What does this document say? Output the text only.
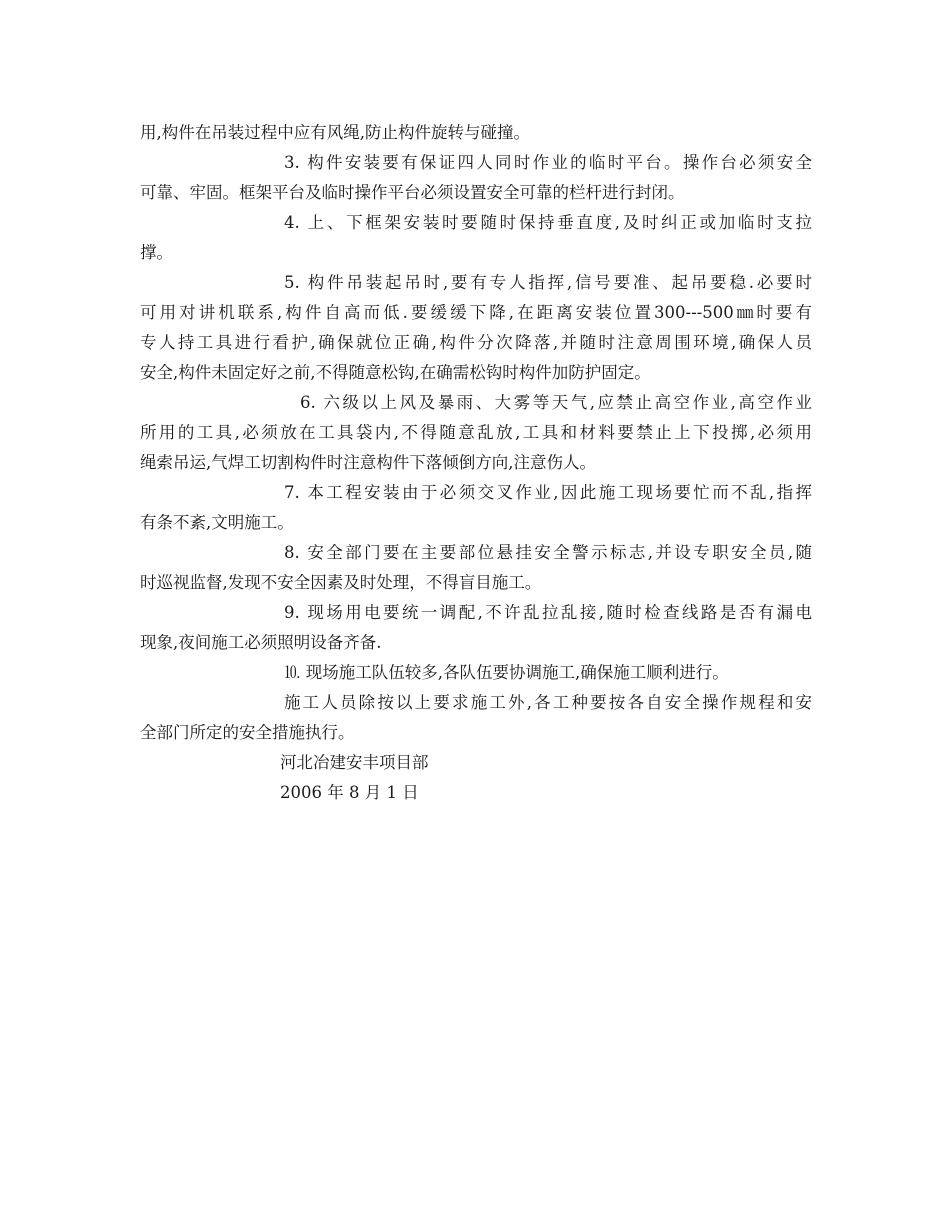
用,构件在吊装过程中应有风绳,防止构件旋转与碰撞。
3. 构件安装要有保证四人同时作业的临时平台。操作台必须安全
可靠、牢固。框架平台及临时操作平台必须设置安全可靠的栏杆进行封闭。
4. 上、下框架安装时要随时保持垂直度,及时纠正或加临时支拉
撑。
5. 构件吊装起吊时,要有专人指挥,信号要准、起吊要稳.必要时
可用对讲机联系,构件自高而低.要缓缓下降,在距离安装位置300---500㎜时要有
专人持工具进行看护,确保就位正确,构件分次降落,并随时注意周围环境,确保人员
安全,构件未固定好之前,不得随意松钩,在确需松钩时构件加防护固定。
6. 六级以上风及暴雨、大雾等天气,应禁止高空作业,高空作业
所用的工具,必须放在工具袋内,不得随意乱放,工具和材料要禁止上下投掷,必须用
绳索吊运,气焊工切割构件时注意构件下落倾倒方向,注意伤人。
7. 本工程安装由于必须交叉作业,因此施工现场要忙而不乱,指挥
有条不紊,文明施工。
8. 安全部门要在主要部位悬挂安全警示标志,并设专职安全员,随
时巡视监督,发现不安全因素及时处理，不得盲目施工。
9. 现场用电要统一调配,不许乱拉乱接,随时检查线路是否有漏电
现象,夜间施工必须照明设备齐备.
⒑ 现场施工队伍较多,各队伍要协调施工,确保施工顺利进行。
施工人员除按以上要求施工外,各工种要按各自安全操作规程和安
全部门所定的安全措施执行。
河北冶建安丰项目部
2006 年 8 月 1 日
